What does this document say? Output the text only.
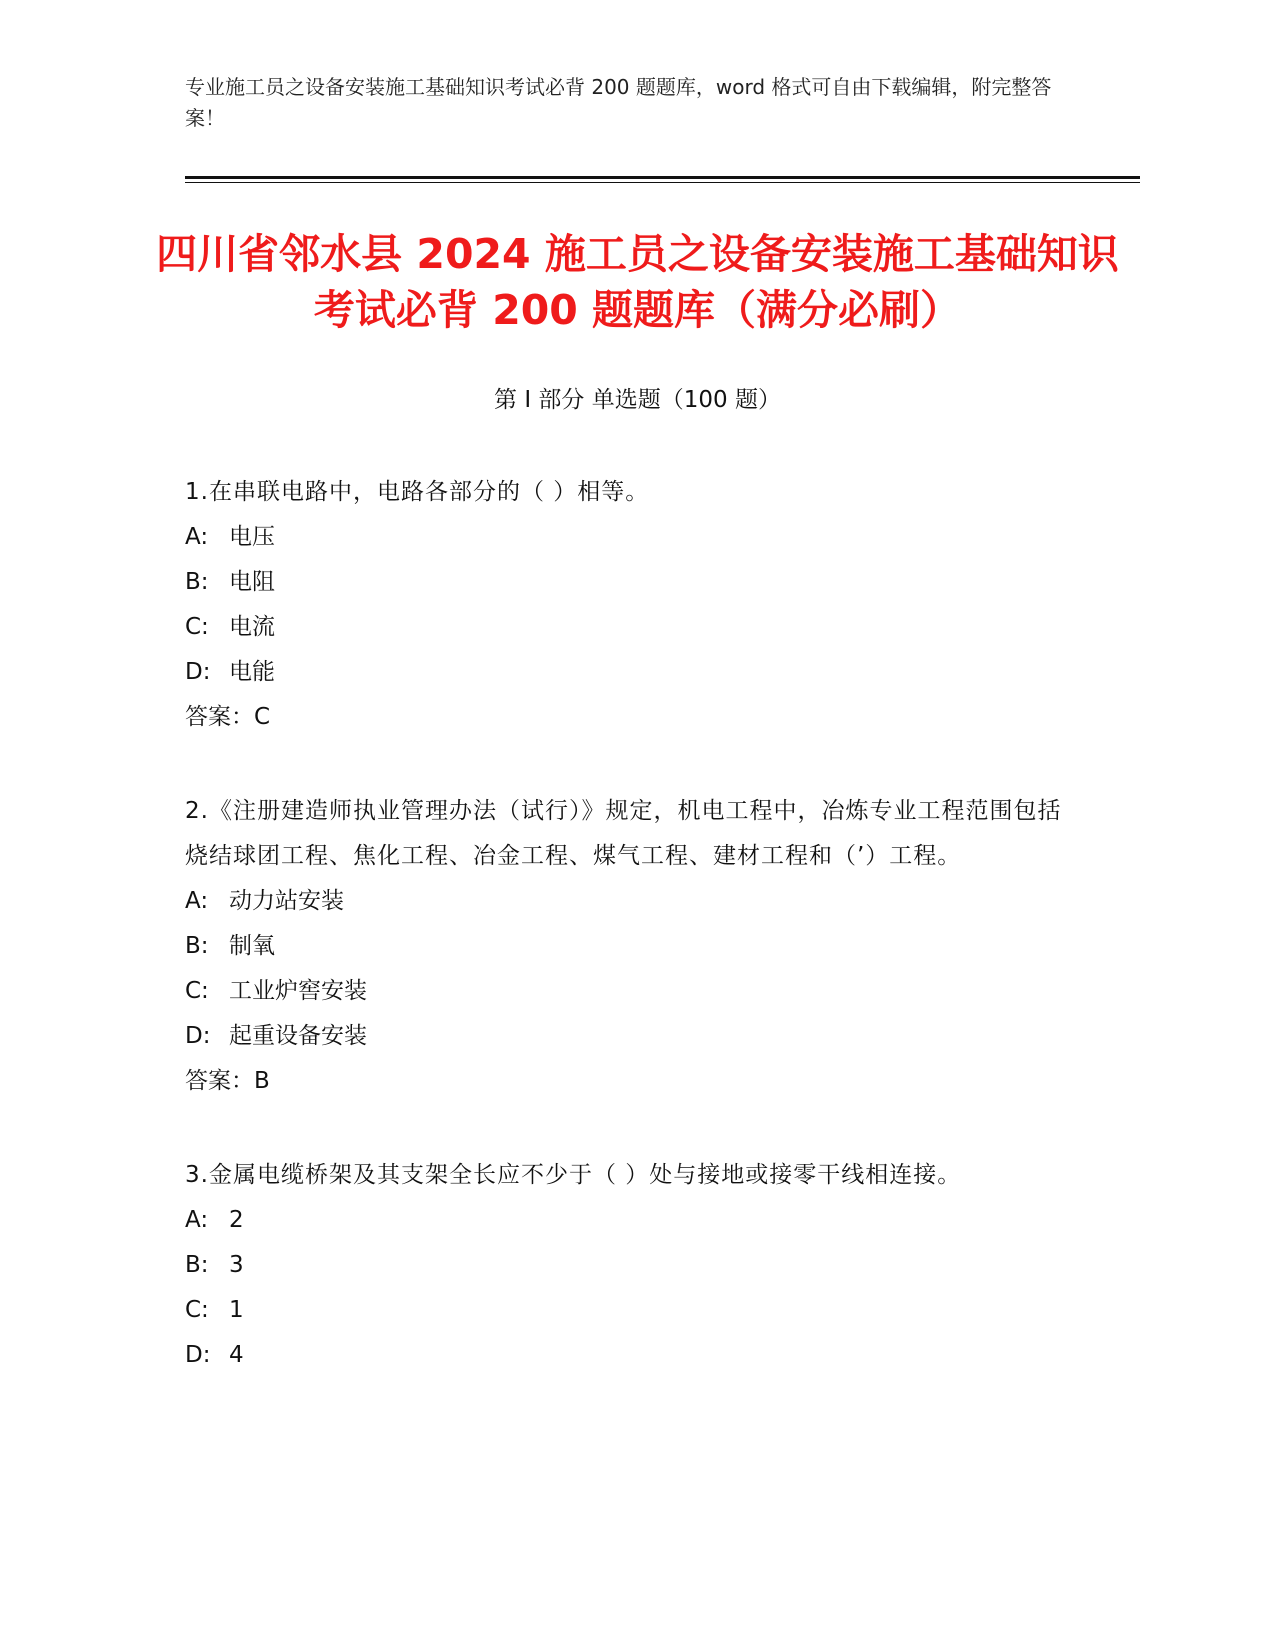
专业施工员之设备安装施工基础知识考试必背 200 题题库，word 格式可自由下载编辑，附完整答案！
四川省邻水县 2024 施工员之设备安装施工基础知识考试必背 200 题题库（满分必刷）
第 I 部分 单选题（100 题）

1.在串联电路中，电路各部分的（ ）相等。

A: 电压

B: 电阻

C: 电流

D: 电能

答案：C

2.《注册建造师执业管理办法（试行）》规定，机电工程中，冶炼专业工程范围包括烧结球团工程、焦化工程、冶金工程、煤气工程、建材工程和（’）工程。

A: 动力站安装

B: 制氧

C: 工业炉窖安装

D: 起重设备安装

答案：B

3.金属电缆桥架及其支架全长应不少于（ ）处与接地或接零干线相连接。

A: 2

B: 3

C: 1

D: 4
